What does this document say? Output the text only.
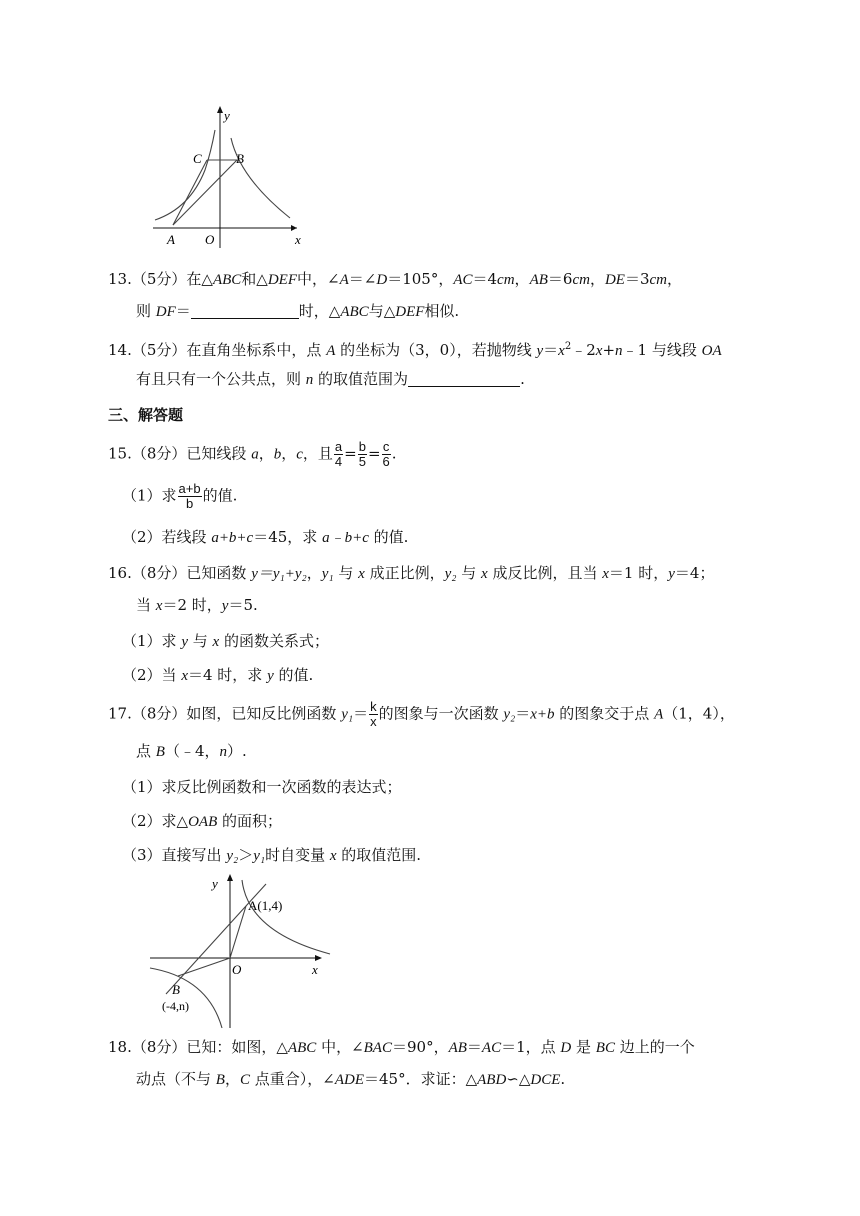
y
x
C	B
A O
13.（5分）在△ABC和△DEF中，∠A＝∠D＝105°，AC＝4cm，AB＝6cm，DE＝3cm，
则 DF＝	时，△ABC与△DEF相似.
14.（5分）在直角坐标系中，点 A 的坐标为（3，0），若抛物线 $y=x^2﹣2x+n﹣1$ 与线段 OA
有且只有一个公共点，则 n 的取值范围为	.
三、解答题
15.（8分）已知线段 a，b，c，且 $\frac{a}{4} = \frac{b}{5} = \frac{c}{6}$ .
（1）求 $\frac{a+b}{b}$ 的值.
（2）若线段 a+b+c＝45，求 a﹣b+c 的值.
16.（8分）已知函数 y＝y₁+y₂，y₁ 与 x 成正比例，y₂ 与 x 成反比例，且当 x＝1 时，y＝4；
当 x＝2 时，y＝5.
（1）求 y 与 x 的函数关系式；
（2）当 x＝4 时，求 y 的值.
17.（8分）如图，已知反比例函数 $y_1= \frac{k}{x}$ 的图象与一次函数 y₂＝x+b 的图象交于点 A（1，4），
点 B（﹣4，n）.
（1）求反比例函数和一次函数的表达式；
（2）求△OAB 的面积；
（3）直接写出 y₂＞y₁时自变量 x 的取值范围.
y
x
A(1,4)
O
B
(-4,n)
18.（8分）已知：如图，△ABC 中，∠BAC＝90°，AB＝AC＝1，点 D 是 BC 边上的一个
动点（不与 B，C 点重合），∠ADE＝45°．求证：△ABD∽△DCE.
